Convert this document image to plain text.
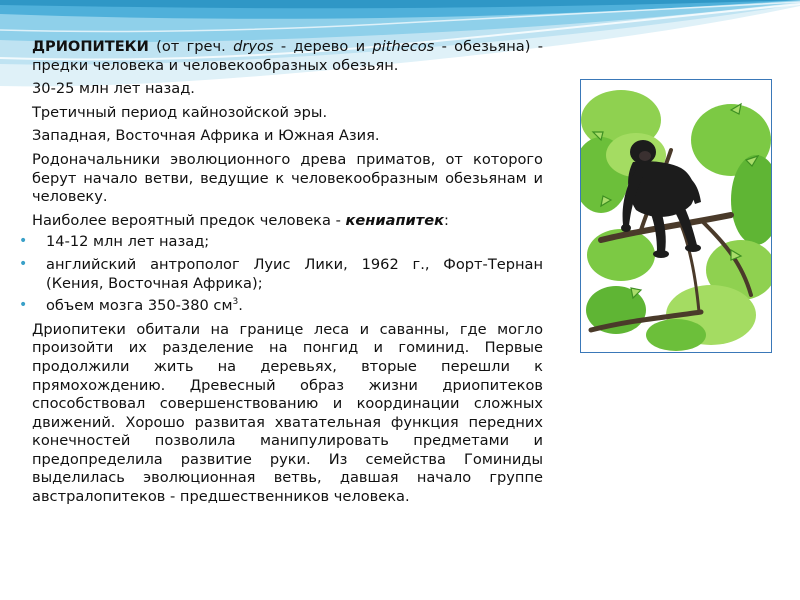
ДРИОПИТЕКИ (от греч. dryos - дерево и pithecos - обезьяна) - предки человека и человекообразных обезьян.

30-25 млн лет назад.

Третичный период кайнозойской эры.

Западная, Восточная Африка и Южная Азия.

Родоначальники эволюционного древа приматов, от которого берут начало ветви, ведущие к человекообразным обезьянам и человеку.

Наиболее вероятный предок человека - кениапитек:

• 14-12 млн лет назад;
• английский антрополог Луис Лики, 1962 г., Форт-Тернан (Кения, Восточная Африка);
• объем мозга 350-380 $см^3$.

Дриопитеки обитали на границе леса и саванны, где могло произойти их разделение на понгид и гоминид. Первые продолжили жить на деревьях, вторые перешли к прямохождению. Древесный образ жизни дриопитеков способствовал совершенствованию и координации сложных движений. Хорошо развитая хватательная функция передних конечностей позволила манипулировать предметами и предопределила развитие руки. Из семейства Гоминиды выделилась эволюционная ветвь, давшая начало группе австралопитеков - предшественников человека.
